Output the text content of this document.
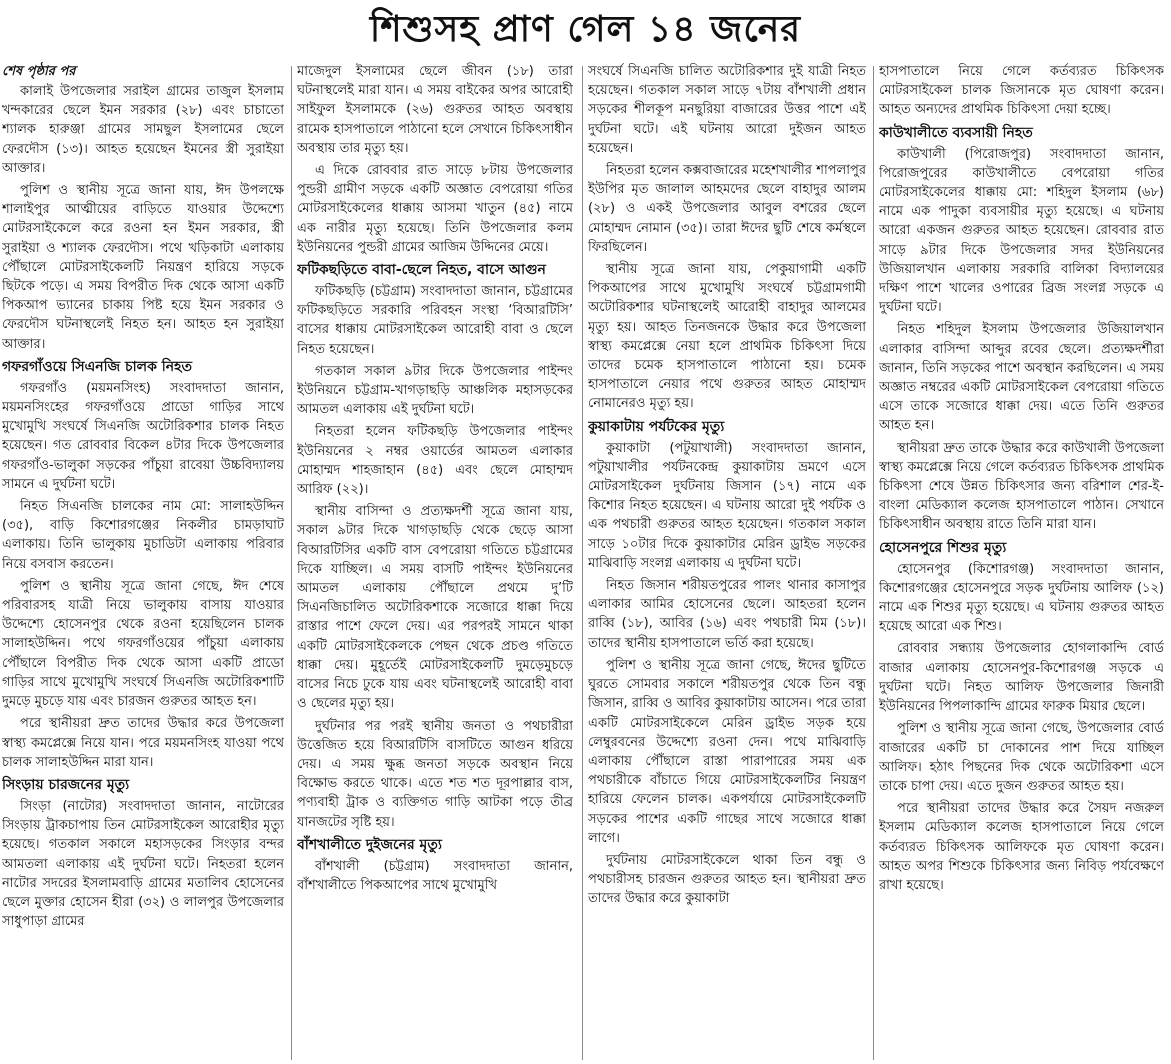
শিশুসহ প্রাণ গেল ১৪ জনের
শেষ পৃষ্ঠার পর

কালাই উপজেলার সরাইল গ্রামের তাজুল ইসলাম খন্দকারের ছেলে ইমন সরকার (২৮) এবং চাচাতো শ্যালক হারুঞ্জা গ্রামের সামছুল ইসলামের ছেলে ফেরদৌস (১৩)। আহত হয়েছেন ইমনের স্ত্রী সুরাইয়া আক্তার।

পুলিশ ও স্থানীয় সূত্রে জানা যায়, ঈদ উপলক্ষে শালাইপুর আত্মীয়ের বাড়িতে যাওয়ার উদ্দেশ্যে মোটরসাইকেলে করে রওনা হন ইমন সরকার, স্ত্রী সুরাইয়া ও শ্যালক ফেরদৌস। পথে খড়িকাটা এলাকায় পৌঁছালে মোটরসাইকেলটি নিয়ন্ত্রণ হারিয়ে সড়কে ছিটকে পড়ে। এ সময় বিপরীত দিক থেকে আসা একটি পিকআপ ভ্যানের চাকায় পিষ্ট হয়ে ইমন সরকার ও ফেরদৌস ঘটনাস্থলেই নিহত হন। আহত হন সুরাইয়া আক্তার।

গফরগাঁওয়ে সিএনজি চালক নিহত

গফরগাঁও (ময়মনসিংহ) সংবাদদাতা জানান, ময়মনসিংহের গফরগাঁওয়ে প্রাডো গাড়ির সাথে মুখোমুখি সংঘর্ষে সিএনজি অটোরিকশার চালক নিহত হয়েছেন। গত রোববার বিকেল ৪টার দিকে উপজেলার গফরগাঁও-ভালুকা সড়কের পাঁচুয়া রাবেয়া উচ্চবিদ্যালয় সামনে এ দুর্ঘটনা ঘটে।

নিহত সিএনজি চালকের নাম মো: সালাহউদ্দিন (৩৫), বাড়ি কিশোরগঞ্জের নিকলীর চামড়াঘাট এলাকায়। তিনি ভালুকায় মুচাডিটা এলাকায় পরিবার নিয়ে বসবাস করতেন।

পুলিশ ও স্থানীয় সূত্রে জানা গেছে, ঈদ শেষে পরিবারসহ যাত্রী নিয়ে ভালুকায় বাসায় যাওয়ার উদ্দেশ্যে হোসেনপুর থেকে রওনা হয়েছিলেন চালক সালাহউদ্দিন। পথে গফরগাঁওয়ের পাঁচুয়া এলাকায় পৌঁছালে বিপরীত দিক থেকে আসা একটি প্রাডো গাড়ির সাথে মুখোমুখি সংঘর্ষে সিএনজি অটোরিকশাটি দুমড়ে মুচড়ে যায় এবং চারজন গুরুতর আহত হন।

পরে স্থানীয়রা দ্রুত তাদের উদ্ধার করে উপজেলা স্বাস্থ্য কমপ্লেক্সে নিয়ে যান। পরে ময়মনসিংহ যাওয়া পথে চালক সালাহউদ্দিন মারা যান।

সিংড়ায় চারজনের মৃত্যু

সিংড়া (নাটোর) সংবাদদাতা জানান, নাটোরের সিংড়ায় ট্রাকচাপায় তিন মোটরসাইকেল আরোহীর মৃত্যু হয়েছে। গতকাল সকালে মহাসড়কের সিংড়ার বন্দর আমতলা এলাকায় এই দুর্ঘটনা ঘটে। নিহতরা হলেন নাটোর সদরের ইসলামবাড়ি গ্রামের মতালিব হোসেনের ছেলে মুক্তার হোসেন হীরা (৩২) ও লালপুর উপজেলার সাধুপাড়া গ্রামের

মাজেদুল ইসলামের ছেলে জীবন (১৮) তারা ঘটনাস্থলেই মারা যান। এ সময় বাইকের অপর আরোহী সাইফুল ইসলামকে (২৬) গুরুতর আহত অবস্থায় রামেক হাসপাতালে পাঠানো হলে সেখানে চিকিৎসাধীন অবস্থায় তার মৃত্যু হয়।

এ দিকে রোববার রাত সাড়ে ৮টায় উপজেলার পুন্ডরী গ্রামীণ সড়কে একটি অজ্ঞাত বেপরোয়া গতির মোটরসাইকেলের ধাক্কায় আসমা খাতুন (৪৫) নামে এক নারীর মৃত্যু হয়েছে। তিনি উপজেলার কলম ইউনিয়নের পুন্ডরী গ্রামের আজিম উদ্দিনের মেয়ে।

ফটিকছড়িতে বাবা-ছেলে নিহত, বাসে আগুন

ফটিকছড়ি (চট্টগ্রাম) সংবাদদাতা জানান, চট্টগ্রামের ফটিকছড়িতে সরকারি পরিবহন সংস্থা ‘বিআরটিসি’ বাসের ধাক্কায় মোটরসাইকেল আরোহী বাবা ও ছেলে নিহত হয়েছেন।

গতকাল সকাল ৯টার দিকে উপজেলার পাইন্দং ইউনিয়নে চট্টগ্রাম-খাগড়াছড়ি আঞ্চলিক মহাসড়কের আমতল এলাকায় এই দুর্ঘটনা ঘটে।

নিহতরা হলেন ফটিকছড়ি উপজেলার পাইন্দং ইউনিয়নের ২ নম্বর ওয়ার্ডের আমতল এলাকার মোহাম্মদ শাহজাহান (৪৫) এবং ছেলে মোহাম্মদ আরিফ (২২)।

স্থানীয় বাসিন্দা ও প্রত্যক্ষদর্শী সূত্রে জানা যায়, সকাল ৯টার দিকে খাগড়াছড়ি থেকে ছেড়ে আসা বিআরটিসির একটি বাস বেপরোয়া গতিতে চট্টগ্রামের দিকে যাচ্ছিল। এ সময় বাসটি পাইন্দং ইউনিয়নের আমতল এলাকায় পৌঁছালে প্রথমে দু’টি সিএনজিচালিত অটোরিকশাকে সজোরে ধাক্কা দিয়ে রাস্তার পাশে ফেলে দেয়। এর পরপরই সামনে থাকা একটি মোটরসাইকেলকে পেছন থেকে প্রচণ্ড গতিতে ধাক্কা দেয়। মুহূর্তেই মোটরসাইকেলটি দুমড়েমুচড়ে বাসের নিচে ঢুকে যায় এবং ঘটনাস্থলেই আরোহী বাবা ও ছেলের মৃত্যু হয়।

দুর্ঘটনার পর পরই স্থানীয় জনতা ও পথচারীরা উত্তেজিত হয়ে বিআরটিসি বাসটিতে আগুন ধরিয়ে দেয়। এ সময় ক্ষুব্ধ জনতা সড়কে অবস্থান নিয়ে বিক্ষোভ করতে থাকে। এতে শত শত দূরপাল্লার বাস, পণ্যবাহী ট্রাক ও ব্যক্তিগত গাড়ি আটকা পড়ে তীব্র যানজটের সৃষ্টি হয়।

বাঁশখালীতে দুইজনের মৃত্যু

বাঁশখালী (চট্টগ্রাম) সংবাদদাতা জানান, বাঁশখালীতে পিকআপের সাথে মুখোমুখি

সংঘর্ষে সিএনজি চালিত অটোরিকশার দুই যাত্রী নিহত হয়েছেন। গতকাল সকাল সাড়ে ৭টায় বাঁশখালী প্রধান সড়কের শীলকূপ মনছুরিয়া বাজারের উত্তর পাশে এই দুর্ঘটনা ঘটে। এই ঘটনায় আরো দুইজন আহত হয়েছেন।

নিহতরা হলেন কক্সবাজারের মহেশখালীর শাপলাপুর ইউপির মৃত জালাল আহমদের ছেলে বাহাদুর আলম (২৮) ও একই উপজেলার আবুল বশরের ছেলে মোহাম্মদ নোমান (৩৫)। তারা ঈদের ছুটি শেষে কর্মস্থলে ফিরছিলেন।

স্থানীয় সূত্রে জানা যায়, পেকুয়াগামী একটি পিকআপের সাথে মুখোমুখি সংঘর্ষে চট্টগ্রামগামী অটোরিকশার ঘটনাস্থলেই আরোহী বাহাদুর আলমের মৃত্যু হয়। আহত তিনজনকে উদ্ধার করে উপজেলা স্বাস্থ্য কমপ্লেক্সে নেয়া হলে প্রাথমিক চিকিৎসা দিয়ে তাদের চমেক হাসপাতালে পাঠানো হয়। চমেক হাসপাতালে নেয়ার পথে গুরুতর আহত মোহাম্মদ নোমানেরও মৃত্যু হয়।

কুয়াকাটায় পর্যটকের মৃত্যু

কুয়াকাটা (পটুয়াখালী) সংবাদদাতা জানান, পটুয়াখালীর পর্যটনকেন্দ্র কুয়াকাটায় ভ্রমণে এসে মোটরসাইকেল দুর্ঘটনায় জিসান (১৭) নামে এক কিশোর নিহত হয়েছেন। এ ঘটনায় আরো দুই পর্যটক ও এক পথচারী গুরুতর আহত হয়েছেন। গতকাল সকাল সাড়ে ১০টার দিকে কুয়াকাটার মেরিন ড্রাইভ সড়কের মাঝিবাড়ি সংলগ্ন এলাকায় এ দুর্ঘটনা ঘটে।

নিহত জিসান শরীয়তপুরের পালং থানার কাসাপুর এলাকার আমির হোসেনের ছেলে। আহতরা হলেন রাব্বি (১৮), আবির (১৬) এবং পথচারী মিম (১৮)। তাদের স্থানীয় হাসপাতালে ভর্তি করা হয়েছে।

পুলিশ ও স্থানীয় সূত্রে জানা গেছে, ঈদের ছুটিতে ঘুরতে সোমবার সকালে শরীয়তপুর থেকে তিন বন্ধু জিসান, রাব্বি ও আবির কুয়াকাটায় আসেন। পরে তারা একটি মোটরসাইকেলে মেরিন ড্রাইভ সড়ক হয়ে লেম্বুরবনের উদ্দেশ্যে রওনা দেন। পথে মাঝিবাড়ি এলাকায় পৌঁছালে রাস্তা পারাপারের সময় এক পথচারীকে বাঁচাতে গিয়ে মোটরসাইকেলটির নিয়ন্ত্রণ হারিয়ে ফেলেন চালক। একপর্যায়ে মোটরসাইকেলটি সড়কের পাশের একটি গাছের সাথে সজোরে ধাক্কা লাগে।

দুর্ঘটনায় মোটরসাইকেলে থাকা তিন বন্ধু ও পথচারীসহ চারজন গুরুতর আহত হন। স্থানীয়রা দ্রুত তাদের উদ্ধার করে কুয়াকাটা

হাসপাতালে নিয়ে গেলে কর্তব্যরত চিকিৎসক মোটরসাইকেল চালক জিসানকে মৃত ঘোষণা করেন। আহত অন্যদের প্রাথমিক চিকিৎসা দেয়া হচ্ছে।

কাউখালীতে ব্যবসায়ী নিহত

কাউখালী (পিরোজপুর) সংবাদদাতা জানান, পিরোজপুরের কাউখালীতে বেপরোয়া গতির মোটরসাইকেলের ধাক্কায় মো: শহিদুল ইসলাম (৬৮) নামে এক পাদুকা ব্যবসায়ীর মৃত্যু হয়েছে। এ ঘটনায় আরো একজন গুরুতর আহত হয়েছেন। রোববার রাত সাড়ে ৯টার দিকে উপজেলার সদর ইউনিয়নের উজিয়ালখান এলাকায় সরকারি বালিকা বিদ্যালয়ের দক্ষিণ পাশে খালের ওপারের ব্রিজ সংলগ্ন সড়কে এ দুর্ঘটনা ঘটে।

নিহত শহিদুল ইসলাম উপজেলার উজিয়ালখান এলাকার বাসিন্দা আব্দুর রবের ছেলে। প্রত্যক্ষদর্শীরা জানান, তিনি সড়কের পাশে অবস্থান করছিলেন। এ সময় অজ্ঞাত নম্বরের একটি মোটরসাইকেল বেপরোয়া গতিতে এসে তাকে সজোরে ধাক্কা দেয়। এতে তিনি গুরুতর আহত হন।

স্থানীয়রা দ্রুত তাকে উদ্ধার করে কাউখালী উপজেলা স্বাস্থ্য কমপ্লেক্সে নিয়ে গেলে কর্তব্যরত চিকিৎসক প্রাথমিক চিকিৎসা শেষে উন্নত চিকিৎসার জন্য বরিশাল শের-ই-বাংলা মেডিক্যাল কলেজ হাসপাতালে পাঠান। সেখানে চিকিৎসাধীন অবস্থায় রাতে তিনি মারা যান।

হোসেনপুরে শিশুর মৃত্যু

হোসেনপুর (কিশোরগঞ্জ) সংবাদদাতা জানান, কিশোরগঞ্জের হোসেনপুরে সড়ক দুর্ঘটনায় আলিফ (১২) নামে এক শিশুর মৃত্যু হয়েছে। এ ঘটনায় গুরুতর আহত হয়েছে আরো এক শিশু।

রোববার সন্ধ্যায় উপজেলার হোগলাকান্দি বোর্ড বাজার এলাকায় হোসেনপুর-কিশোরগঞ্জ সড়কে এ দুর্ঘটনা ঘটে। নিহত আলিফ উপজেলার জিনারী ইউনিয়নের পিপলাকান্দি গ্রামের ফারুক মিয়ার ছেলে।

পুলিশ ও স্থানীয় সূত্রে জানা গেছে, উপজেলার বোর্ড বাজারের একটি চা দোকানের পাশ দিয়ে যাচ্ছিল আলিফ। হঠাৎ পিছনের দিক থেকে অটোরিকশা এসে তাকে চাপা দেয়। এতে দুজন গুরুতর আহত হয়।

পরে স্থানীয়রা তাদের উদ্ধার করে সৈয়দ নজরুল ইসলাম মেডিক্যাল কলেজ হাসপাতালে নিয়ে গেলে কর্তব্যরত চিকিৎসক আলিফকে মৃত ঘোষণা করেন। আহত অপর শিশুকে চিকিৎসার জন্য নিবিড় পর্যবেক্ষণে রাখা হয়েছে।
